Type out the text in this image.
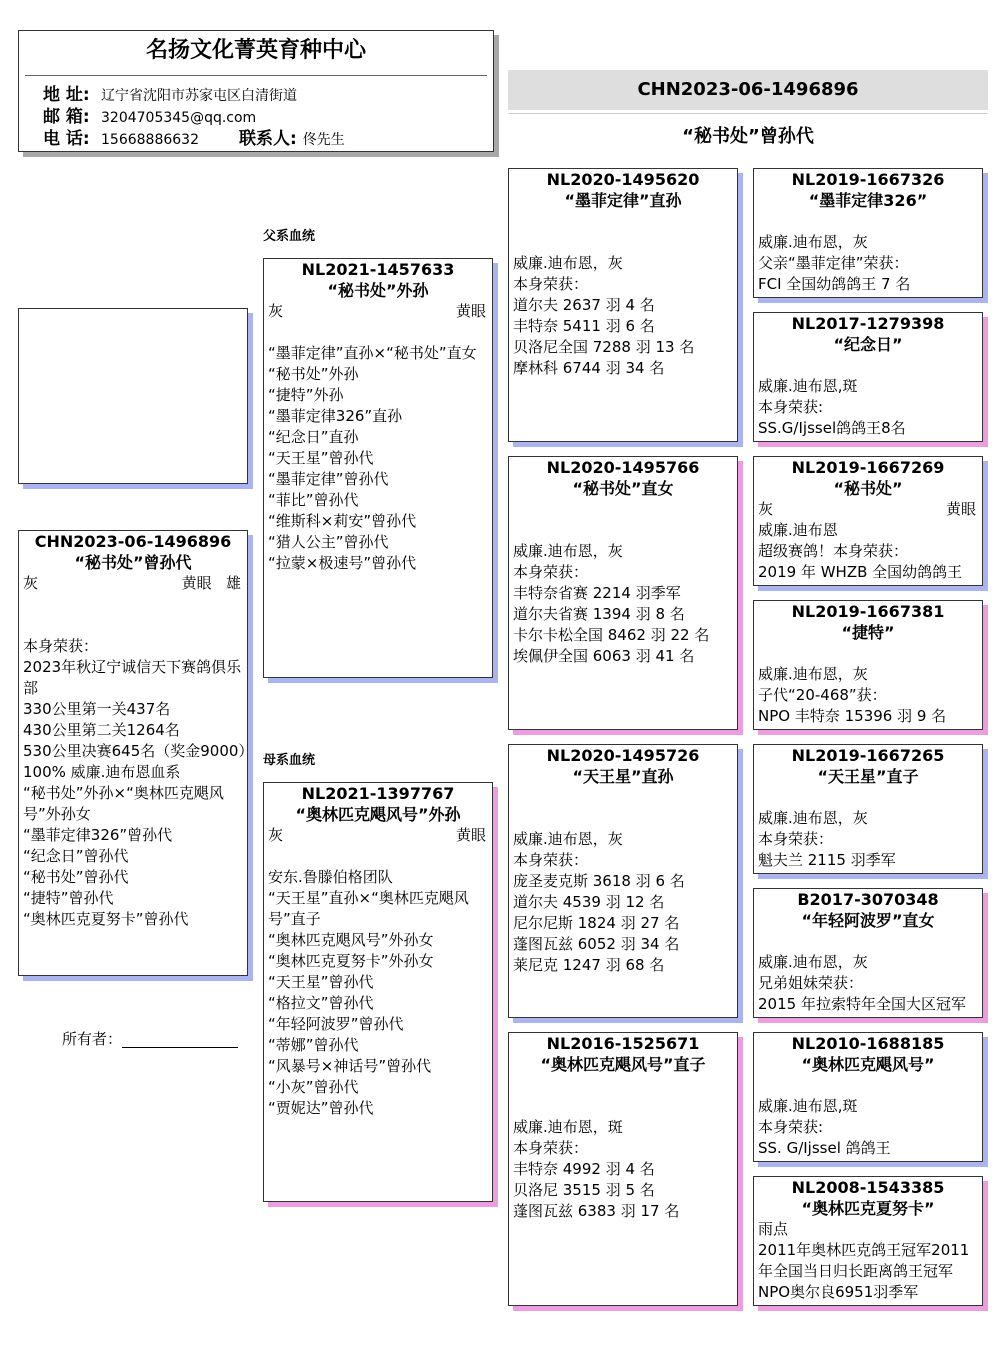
名扬文化菁英育种中心
地 址: 辽宁省沈阳市苏家屯区白清街道
邮 箱: 3204705345@qq.com
电 话: 15668886632 联系人: 佟先生
CHN2023-06-1496896
“秘书处”曾孙代
CHN2023-06-1496896
“秘书处”曾孙代
灰	黄眼 雄
本身荣获：
2023年秋辽宁诚信天下赛鸽俱乐部
330公里第一关437名
430公里第二关1264名
530公里决赛645名（奖金9000）
100% 威廉.迪布恩血系
“秘书处”外孙×“奥林匹克飓风号”外孙女
“墨菲定律326”曾孙代
“纪念日”曾孙代
“秘书处”曾孙代
“捷特”曾孙代
“奥林匹克夏努卡”曾孙代
所有者：
父系血统
母系血统
NL2021-1457633
“秘书处”外孙
灰	黄眼
“墨菲定律”直孙×“秘书处”直女
“秘书处”外孙
“捷特”外孙
“墨菲定律326”直孙
“纪念日”直孙
“天王星”曾孙代
“墨菲定律”曾孙代
“菲比”曾孙代
“维斯科×莉安”曾孙代
“猎人公主”曾孙代
“拉蒙×极速号”曾孙代
NL2021-1397767
“奥林匹克飓风号”外孙
灰	黄眼
安东.鲁滕伯格团队
“天王星”直孙×“奥林匹克飓风号”直子
“奥林匹克飓风号”外孙女
“奥林匹克夏努卡”外孙女
“天王星”曾孙代
“格拉文”曾孙代
“年轻阿波罗”曾孙代
“蒂娜”曾孙代
“风暴号×神话号”曾孙代
“小灰”曾孙代
“贾妮达”曾孙代
NL2020-1495620
“墨菲定律”直孙
威廉.迪布恩，灰
本身荣获：
道尔夫 2637 羽 4 名
丰特奈 5411 羽 6 名
贝洛尼全国 7288 羽 13 名
摩林科 6744 羽 34 名
NL2020-1495766
“秘书处”直女
威廉.迪布恩，灰
本身荣获：
丰特奈省赛 2214 羽季军
道尔夫省赛 1394 羽 8 名
卡尔卡松全国 8462 羽 22 名
埃佩伊全国 6063 羽 41 名
NL2020-1495726
“天王星”直孙
威廉.迪布恩，灰
本身荣获：
庞圣麦克斯 3618 羽 6 名
道尔夫 4539 羽 12 名
尼尔尼斯 1824 羽 27 名
蓬图瓦兹 6052 羽 34 名
莱尼克 1247 羽 68 名
NL2016-1525671
“奥林匹克飓风号”直子
威廉.迪布恩，斑
本身荣获：
丰特奈 4992 羽 4 名
贝洛尼 3515 羽 5 名
蓬图瓦兹 6383 羽 17 名
NL2019-1667326
“墨菲定律326”
威廉.迪布恩，灰
父亲“墨菲定律”荣获：
FCI 全国幼鸽鸽王 7 名
NL2017-1279398
“纪念日”
威廉.迪布恩,斑
本身荣获:
SS.G/Ijssel鸽鸽王8名
NL2019-1667269
“秘书处”
灰	黄眼
威廉.迪布恩
超级赛鸽！本身荣获：
2019 年 WHZB 全国幼鸽鸽王
NL2019-1667381
“捷特”
威廉.迪布恩，灰
子代“20-468”获：
NPO 丰特奈 15396 羽 9 名
NL2019-1667265
“天王星”直子
威廉.迪布恩，灰
本身荣获：
魁夫兰 2115 羽季军
B2017-3070348
“年轻阿波罗”直女
威廉.迪布恩，灰
兄弟姐妹荣获：
2015 年拉索特年全国大区冠军
NL2010-1688185
“奥林匹克飓风号”
威廉.迪布恩,斑
本身荣获:
SS. G/Ijssel 鸽鸽王
NL2008-1543385
“奥林匹克夏努卡”
雨点
2011年奥林匹克鸽王冠军2011年全国当日归长距离鸽王冠军
NPO奥尔良6951羽季军
